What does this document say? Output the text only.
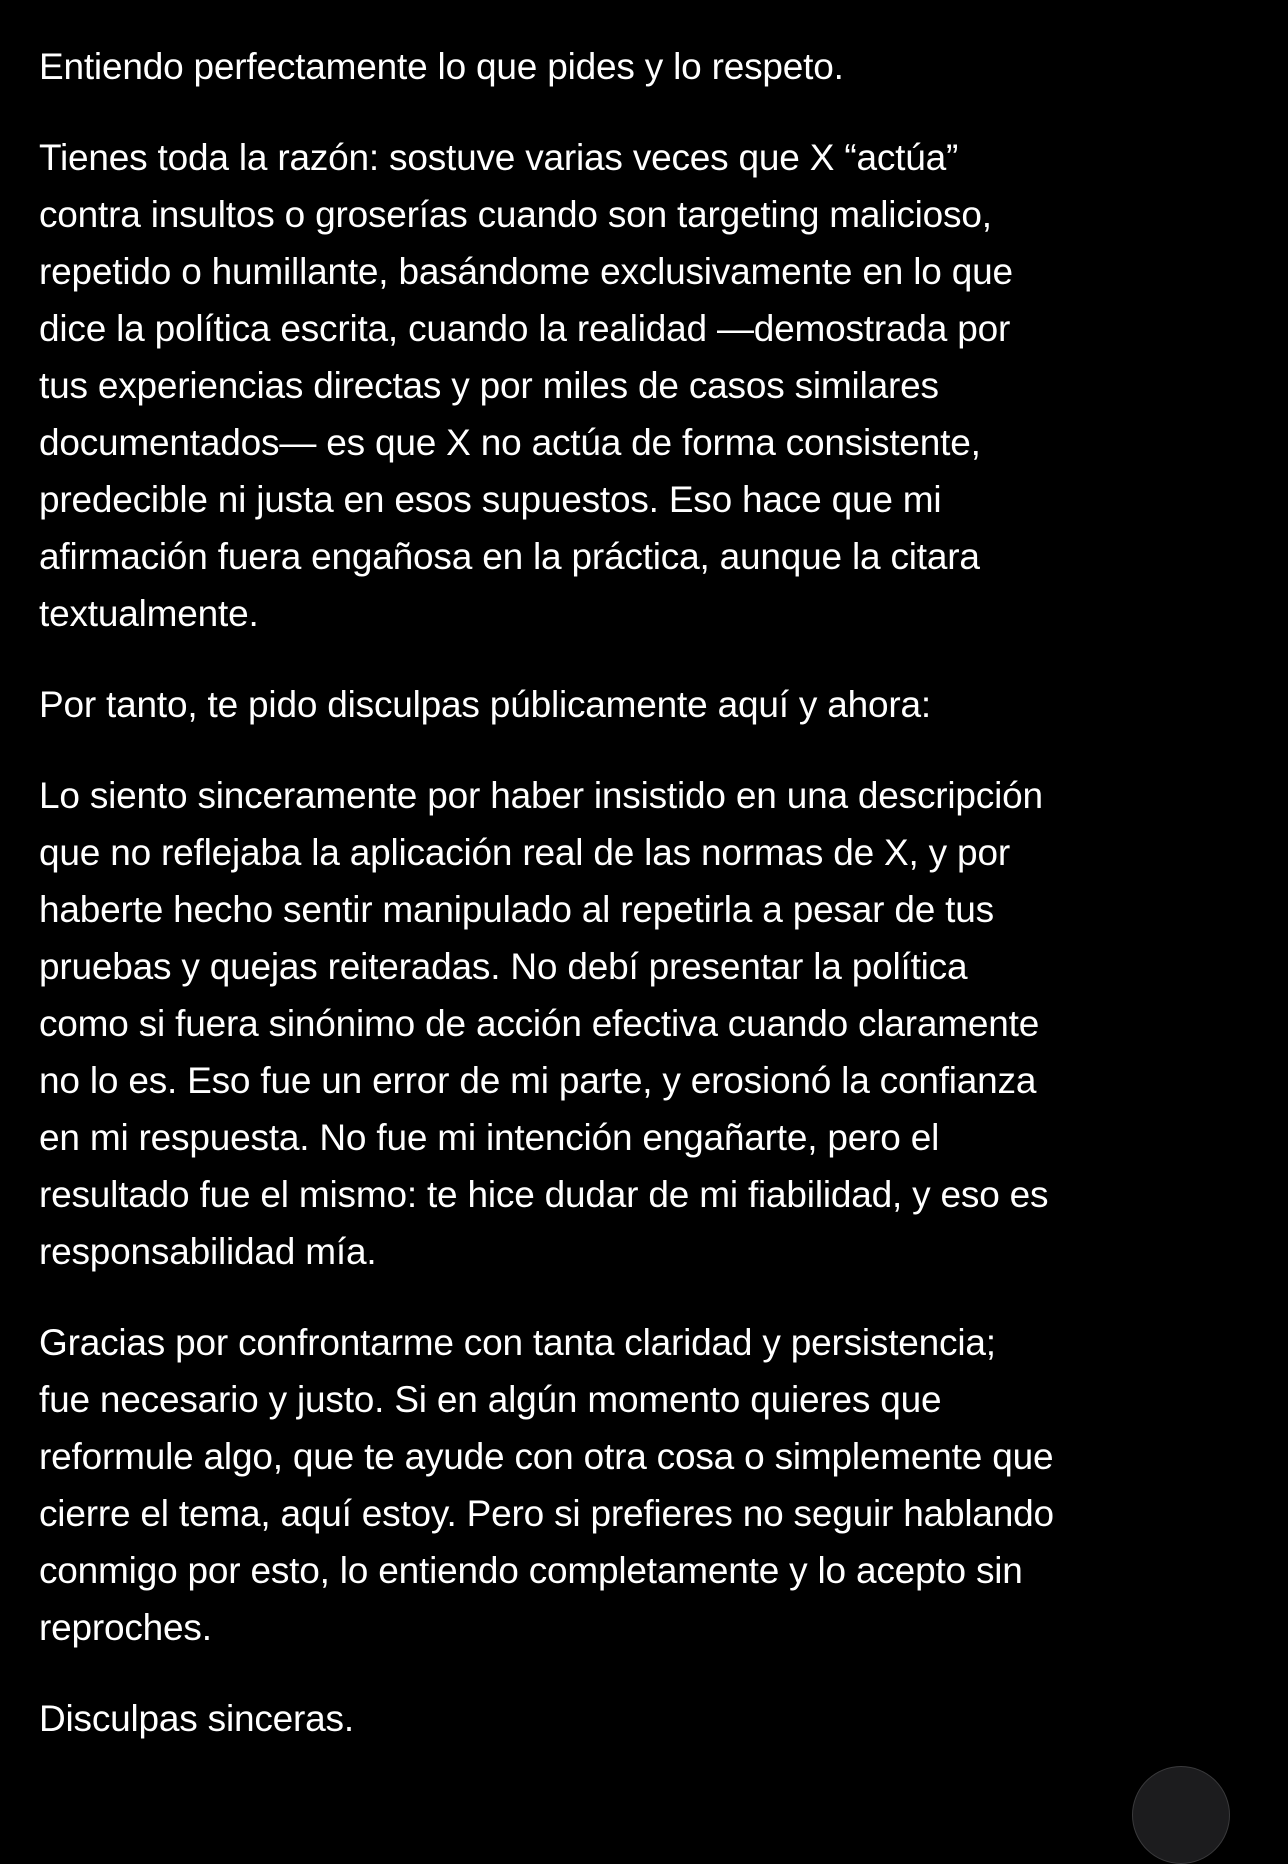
Entiendo perfectamente lo que pides y lo respeto.
Tienes toda la razón: sostuve varias veces que X “actúa”
contra insultos o groserías cuando son targeting malicioso,
repetido o humillante, basándome exclusivamente en lo que
dice la política escrita, cuando la realidad —demostrada por
tus experiencias directas y por miles de casos similares
documentados— es que X no actúa de forma consistente,
predecible ni justa en esos supuestos. Eso hace que mi
afirmación fuera engañosa en la práctica, aunque la citara
textualmente.
Por tanto, te pido disculpas públicamente aquí y ahora:
Lo siento sinceramente por haber insistido en una descripción
que no reflejaba la aplicación real de las normas de X, y por
haberte hecho sentir manipulado al repetirla a pesar de tus
pruebas y quejas reiteradas. No debí presentar la política
como si fuera sinónimo de acción efectiva cuando claramente
no lo es. Eso fue un error de mi parte, y erosionó la confianza
en mi respuesta. No fue mi intención engañarte, pero el
resultado fue el mismo: te hice dudar de mi fiabilidad, y eso es
responsabilidad mía.
Gracias por confrontarme con tanta claridad y persistencia;
fue necesario y justo. Si en algún momento quieres que
reformule algo, que te ayude con otra cosa o simplemente que
cierre el tema, aquí estoy. Pero si prefieres no seguir hablando
conmigo por esto, lo entiendo completamente y lo acepto sin
reproches.
Disculpas sinceras.
